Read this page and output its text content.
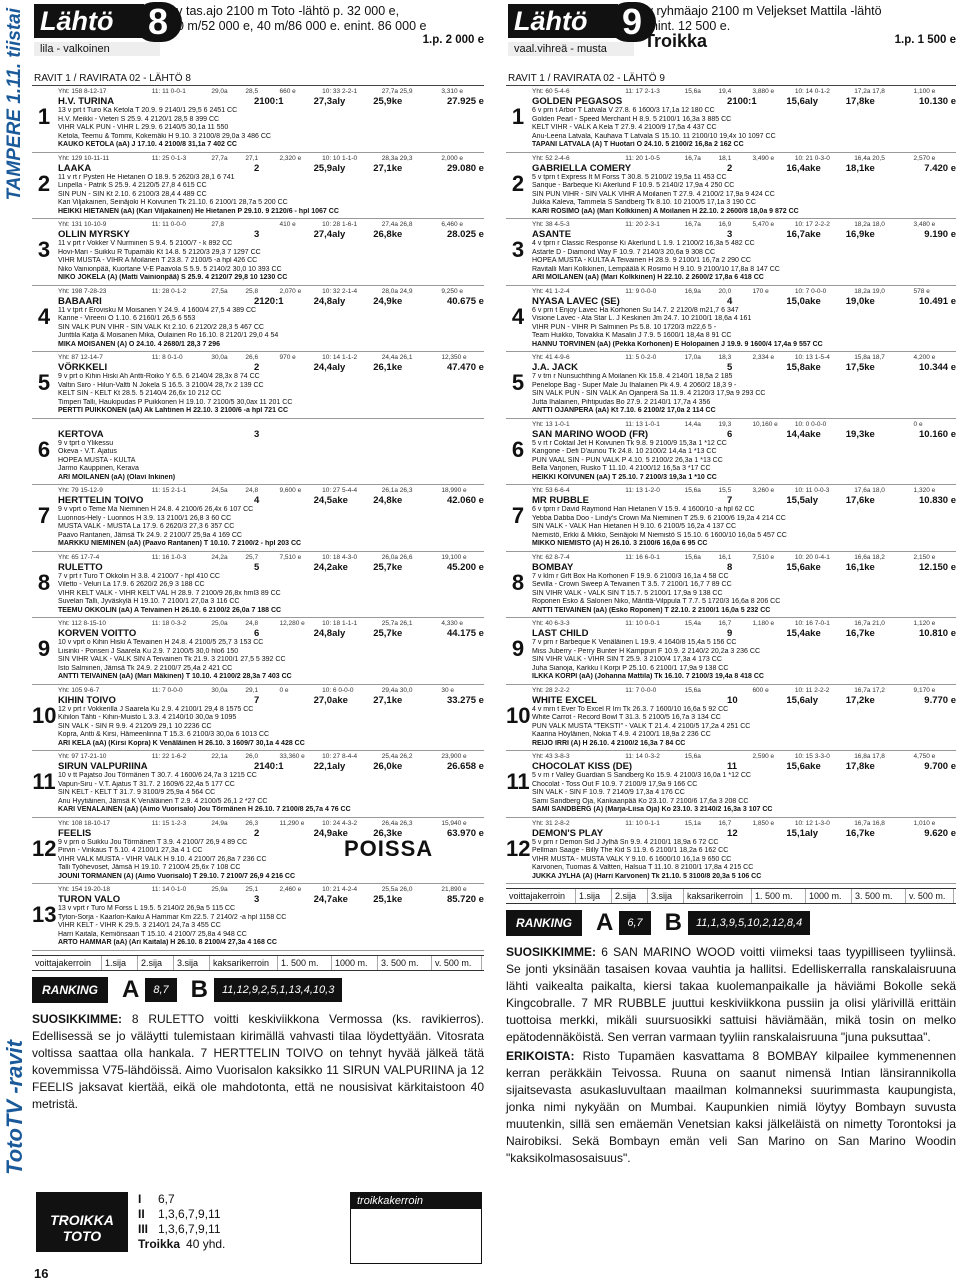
TAMPERE 1.11. tiistai
TotoTV -ravit
16
Lähtö 8
lila - valkoinen
kv tas.ajo 2100 m Toto -lähtö p. 32 000 e,
20 m/52 000 e, 40 m/86 000 e. enint. 86 000 e
1.p. 2 000 e
RAVIT 1 / RAVIRATA 02 - LÄHTÖ 8
1
Yht: 158 8-12-17	11: 11 0-0-1	29,0a	28,5	660 e	10: 33 2-2-1	27,7a 25,9	3,310 e
H.V. TURINA	2100:1	27,3aly	25,9ke	27.925 e
13 v prt t Turo Ka Ketola T 20.9. 9 2140/1 29,5 6 2451 CC
H.V. Meikki - Vieteri S 25.9. 4 2120/1 28,5 8 399 CC
VIHR VALK PUN - VIHR L 29.9. 6 2140/5 30,1a 11 550
Ketola, Teemu & Tommi, Kokemäki H 9.10. 3 2100/8 29,0a 3 486 CC
KAUKO KETOLA (aA) J 17.10. 4 2100/8 31,1a 7 402 CC
2
Yht: 129 10-11-11	11: 25 0-1-3	27,7a	27,1	2,320 e	10: 10 1-1-0	28,3a 29,3	2,000 e
LAAKA	2	25,9aly	27,1ke	29.080 e
11 v rt r Pysteri He Hietanen O 18.9. 5 2620/3 28,1 6 741
Linpella - Patrik S 25.9. 4 2120/5 27,8 4 615 CC
SIN PUN - SIN Kt 2.10. 6 2100/3 28,4 4 489 CC
Kari Viljakainen, Seinäjoki H Koivunen Tk 21.10. 6 2100/1 28,7a 5 200 CC
HEIKKI HIETANEN (aA) (Kari Viljakainen) He Hietanen P 29.10. 9 2120/6 - hpl 1067 CC
3
Yht: 131 10-10-9	11: 11 0-0-0	27,8	410 e	10: 28 1-6-1	27,4a 26,8	6,460 e
OLLIN MYRSKY	3	27,4aly	26,8ke	28.025 e
11 v prt r Vokker V Nurminen S 9.4. 5 2100/7 - k 892 CC
Hovi-Mari - Suikku R Tupamäki Kt 14.8. 5 2120/3 29,3 7 1297 CC
VIHR MUSTA - VIHR A Moilanen T 23.8. 7 2100/5 -a hpl 426 CC
Niko Vainionpää, Kuortane V-E Paavola S 5.9. 5 2140/2 30,0 10 393 CC
NIKO JOKELA (A) (Matti Vainionpää) S 25.9. 4 2120/7 29,8 10 1230 CC
4
Yht: 198 7-28-23	11: 28 0-1-2	27,5a	25,8	2,070 e	10: 32 2-1-4	28,0a 24,9	9,250 e
BABAARI	2120:1	24,8aly	24,9ke	40.675 e
11 v tprt r Erovisku M Moisanen Y 24.9. 4 1600/4 27,5 4 389 CC
Karine - Vireeni O 1.10. 6 2160/1 26,5 6 553
SIN VALK PUN VIHR - SIN VALK Kt 2.10. 6 2120/2 28,3 5 467 CC
Junttila Katja & Moisanen Mika, Oulainen Ro 16.10. 8 2120/1 29,0 4 54
MIKA MOISANEN (A) O 24.10. 4 2680/1 28,3 7 296
5
Yht: 87 12-14-7	11: 8 0-1-0	30,0a	26,6	970 e	10: 14 1-1-2	24,4a 26,1	12,350 e
VÖRKKELI	2	24,4aly	26,1ke	47.470 e
9 v prt o Kihin Hiski Ah Antti-Roiko Y 6.5. 6 2140/4 28,3x 8 74 CC
Valtin Siiro - Hilun-Valtti N Jokela S 16.5. 3 2100/4 28,7x 2 139 CC
KELT SIN - KELT Kt 28.5. 5 2140/4 26,6x 10 212 CC
Timperi Talli, Haukipudas P Puikkonen H 19.10. 7 2100/5 30,0ax 11 201 CC
PERTTI PUIKKONEN (aA) Ak Lahtinen H 22.10. 3 2100/6 -a hpl 721 CC
6
KERTOVA	3
9 v tprt o Ylikessu
Okeva - V.T. Ajatus
HOPEA MUSTA - KULTA
Jarmo Kauppinen, Kerava
ARI MOILANEN (aA) (Olavi Inkinen)
7
Yht: 79 15-12-9	11: 15 2-1-1	24,5a	24,8	9,600 e	10: 27 5-4-4	26,1a 26,3	18,990 e
HERTTELIN TOIVO	4	24,5ake	24,8ke	42.060 e
9 v vprt o Teme Ma Nieminen H 24.8. 4 2100/6 26,4x 6 107 CC
Luonnos-Hely - Luonnos H 3.9. 13 2100/1 26,8 3 60 CC
MUSTA VALK - MUSTA La 17.9. 6 2620/3 27,3 6 357 CC
Paavo Rantanen, Jämsä Tk 24.9. 2 2100/7 25,9a 4 169 CC
MARKKU NIEMINEN (aA) (Paavo Rantanen) T 10.10. 7 2100/2 - hpl 203 CC
8
Yht: 65 17-7-4	11: 16 1-0-3	24,2a	25,7	7,510 e	10: 18 4-3-0	26,0a 26,6	19,100 e
RULETTO	5	24,2ake	25,7ke	45.200 e
7 v prt r Turo T Okkolin H 3.8. 4 2100/7 - hpl 410 CC
Viletto - Veluri La 17.9. 6 2620/2 26,9 3 188 CC
VIHR KELT VALK - VIHR KELT VAL H 28.9. 7 2100/9 26,8x hml3 89 CC
Suvelan Talli, Jyväskylä H 19.10. 7 2100/1 27,0a 3 116 CC
TEEMU OKKOLIN (aA) A Teivainen H 26.10. 6 2100/2 26,0a 7 188 CC
9
Yht: 112 8-15-10	11: 18 0-3-2	25,0a	24,8	12,280 e	10: 18 1-1-1	25,7a 26,1	4,330 e
KORVEN VOITTO	6	24,8aly	25,7ke	44.175 e
10 v vprt o Kihin Hiski A Teivainen H 24.8. 4 2100/5 25,7 3 153 CC
Liisinki - Ponseri J Saarela Ku 2.9. 7 2100/5 30,0 hlo6 150
SIN VIHR VALK - VALK SIN A Teivainen Tk 21.9. 3 2100/1 27,5 5 392 CC
Isto Salminen, Jämsä Tk 24.9. 2 2100/7 25,4a 2 421 CC
ANTTI TEIVAINEN (aA) (Mari Mäkinen) T 10.10. 4 2100/2 28,3a 7 403 CC
10
Yht: 105 9-6-7	11: 7 0-0-0	30,0a	29,1	0 e	10: 6 0-0-0	29,4a 30,0	30 e
KIHIN TOIVO	7	27,0ake	27,1ke	33.275 e
12 v prt r Vokkerilla J Saarela Ku 2.9. 4 2100/1 29,4 8 1575 CC
Kihilon Tähti - Kihin-Muisto L 3.3. 4 2140/10 30,0a 9 1095
SIN VALK - SIN R 9.9. 4 2120/9 29,1 10 2236 CC
Kopra, Antti & Kirsi, Hämeenlinna T 15.3. 6 2100/3 30,0a 6 1013 CC
ARI KELA (aA) (Kirsi Kopra) K Venäläinen H 26.10. 3 1609/7 30,1a 4 428 CC
11
Yht: 97 17-21-10	11: 22 1-6-2	22,1a	26,0	33,360 e	10: 27 8-4-4	25,4a 26,2	23,900 e
SIRUN VALPURIINA	2140:1	22,1aly	26,0ke	26.658 e
10 v tt Pajatso Jou Törmänen T 30.7. 4 1600/6 24,7a 3 1215 CC
Vapun-Siru - V.T. Ajatus T 31.7. 2 1609/6 22,4a 5 177 CC
SIN KELT - KELT T 31.7. 9 3100/9 25,9a 4 564 CC
Anu Hyytiäinen, Jämsä K Venäläinen T 2.9. 4 2100/5 26,1 2 *27 CC
KARI VENÄLÄINEN (aA) (Aimo Vuorisalo) Jou Törmänen H 26.10. 7 2100/8 25,7a 4 76 CC
12
Yht: 108 18-10-17	11: 15 1-2-3	24,9a	26,3	11,290 e	10: 24 4-3-2	26,4a 26,3	15,940 e
FEELIS	2	24,9ake	26,3ke	63.970 e
9 v prn o Suikku Jou Törmänen T 3.9. 4 2100/7 26,9 4 89 CC
Pirvin - Vinkaus T 5.10. 4 2100/1 27,3a 4 1 CC
VIHR VALK MUSTA - VIHR VALK H 9.10. 4 2100/7 26,8a 7 236 CC
Talli Työhevoset, Jämsä H 19.10. 7 2100/4 25,6x 7 108 CC
JOUNI TÖRMÄNEN (A) (Aimo Vuorisalo) T 29.10. 7 2100/7 26,9 4 216 CC
13
Yht: 154 19-20-18	11: 14 0-1-0	25,9a	25,1	2,460 e	10: 21 4-2-4	25,5a 26,0	21,890 e
TURON VALO	3	24,7ake	25,1ke	85.720 e
13 v vprt r Turo M Forss L 19.5. 5 2140/2 26,9a 5 115 CC
Tyton-Sorja - Kaarlon-Kaiku A Hammar Km 22.5. 7 2140/2 -a hpl 1158 CC
VIHR KELT - VIHR K 29.5. 3 2140/1 24,7a 3 455 CC
Harri Kaitala, Kemiönsaari T 15.10. 4 2100/7 25,8a 4 948 CC
ARTO HAMMAR (aA) (Ari Kaitala) H 26.10. 8 2100/4 27,3a 4 168 CC
POISSA
voittajakerroin	1.sija	2.sija	3.sija	kaksarikerroin	1. 500 m.	1000 m.	3. 500 m.	v. 500 m.
RANKING	A	8,7 B	11,12,9,2,5,1,13,4,10,3

SUOSIKKIMME: 8 RULETTO voitti keskiviikkona Vermossa (ks. ravikierros). Edellisessä se jo väläytti tulemistaan kirimällä vahvasti tilaa löydettyään. Vitosrata voltissa saattaa olla hankala. 7 HERTTELIN TOIVO on tehnyt hyvää jälkeä tätä kovemmissa V75-lähdöissä. Aimo Vuorisalon kaksikko 11 SIRUN VALPURIINA ja 12 FEELIS jaksavat kiertää, eikä ole mahdotonta, että ne nousisivat kärkitaistoon 40 metristä.

TROIKKA TOTO
I	6,7
II	1,3,6,7,9,11
III 1,3,6,7,9,11
Troikka 40 yhd.
troikkakerroin
Lähtö 9
vaal.vihreä - musta
lv ryhmäajo 2100 m Veljekset Mattila -lähtö
enint. 12 500 e.
Troikka	1.p. 1 500 e
RAVIT 1 / RAVIRATA 02 - LÄHTÖ 9
1
Yht: 60 5-4-6	11: 17 2-1-3	15,6a	19,4	3,880 e	10: 14 0-1-2	17,2a 17,8	1,100 e
GOLDEN PEGASOS	2100:1	15,6aly	17,8ke	10.130 e
6 v prn t Arbor T Latvala V 27.8. 6 1600/3 17,1a 12 180 CC
Golden Pearl - Speed Merchant H 8.9. 5 2100/1 16,3a 3 885 CC
KELT VIHR - VALK A Kela T 27.9. 4 2100/9 17,5a 4 437 CC
Anu-Leena Latvala, Kauhava T Latvala S 15.10. 11 2100/10 19,4x 10 1097 CC
TAPANI LATVALA (A) T Huotari O 24.10. 5 2100/2 16,8a 2 162 CC
2
Yht: 52 2-4-6	11: 20 1-0-5	16,7a	18,1	3,490 e	10: 21 0-3-0	16,4a 20,5	2,570 e
GABRIELLA COMERY	2	16,4ake	18,1ke	7.420 e
5 v tprn t Express It M Forss T 30.8. 5 2100/2 19,5a 11 453 CC
Sarique - Barbeque Ki Åkerlund F 10.9. 5 2140/2 17,9a 4 250 CC
SIN PUN VIHR - SIN VALK VIHR A Moilanen T 27.9. 4 2100/2 17,9a 9 424 CC
Jukka Kaleva, Tammela S Sandberg Tk 8.10. 10 2100/5 17,1a 3 190 CC
KARI ROSIMO (aA) (Mari Kolkkinen) A Moilanen H 22.10. 2 2600/8 18,0a 9 872 CC
3
Yht: 38 4-5-3	11: 20 2-3-1	16,7a	16,9	5,470 e	10: 17 2-2-2	18,2a 18,0	3,480 e
ASANTE	3	16,7ake	16,9ke	9.190 e
4 v tprn r Classic Response Ki Åkerlund L 1.9. 1 2100/2 16,3a 5 482 CC
Astarte D - Diamond Way F 10.9. 7 2140/3 20,6a 9 308 CC
HOPEA MUSTA - KULTA A Teivainen H 28.9. 9 2100/1 16,7a 2 290 CC
Ravitalli Mari Kolkkinen, Lempäälä K Rosimo H 9.10. 9 2100/10 17,8a 8 147 CC
ARI MOILANEN (aA) (Mari Kolkkinen) H 22.10. 2 2600/2 17,8a 6 418 CC
4
Yht: 41 1-2-4	11: 9 0-0-0	16,9a	20,0	170 e	10: 7 0-0-0	18,2a 19,0	578 e
NYASA LAVEC (SE)	4	15,0ake	19,0ke	10.491 e
6 v prn t Enjoy Lavec Ha Korhonen Su 14.7. 2 2120/8 m21,7 6 347
Visione Lavec - Ata Star L. J Keskinen Jm 24.7. 10 2100/1 18,6a 4 161
VIHR PUN - VIHR Pi Salminen Ps 5.8. 10 1720/3 m22,6 5 -
Team Huikko, Toivakka K Masalin J 7.9. 5 1600/1 18,4a 8 91 CC
HANNU TORVINEN (aA) (Pekka Korhonen) E Holopainen J 19.9. 9 1600/4 17,4a 9 557 CC
5
Yht: 41 4-9-6	11: 5 0-2-0	17,0a	18,3	2,334 e	10: 13 1-5-4	15,8a 18,7	4,200 e
J.A. JACK	5	15,8ake	17,5ke	10.344 e
7 v trn r Nunsuchthing A Moilanen Kk 15.8. 4 2140/1 18,5a 2 185
Penelope Bag - Super Male Ju Ihalainen Pk 4.9. 4 2060/2 18,3 9 -
SIN VALK PUN - SIN VALK An Ojanperä Sa 11.9. 4 2120/3 17,9a 9 293 CC
Jutta Ihalainen, Pihtipudas Bo 27.9. 2 2140/1 17,7a 4 356
ANTTI OJANPERÄ (aA) Kt 7.10. 6 2100/2 17,0a 2 114 CC
6
Yht: 13 1-0-1	11: 13 1-0-1	14,4a	19,3	10,160 e	10: 0 0-0-0	0 e
SAN MARINO WOOD (FR)	6	14,4ake	19,3ke	10.160 e
5 v rt r Coktail Jet H Koivunen Tk 9.8. 9 2100/9 15,3a 1 *12 CC
Kangone - Defi D'aunou Tk 24.8. 10 2100/2 14,4a 1 *13 CC
PUN VAAL SIN - PUN VALK P 4.10. 5 2100/2 26,3a 1 *13 CC
Bella Varjonen, Rusko T 11.10. 4 2100/12 16,5a 3 *17 CC
HEIKKI KOIVUNEN (aA) T 25.10. 7 2100/3 19,3a 1 *10 CC
7
Yht: 53 6-6-4	11: 13 1-2-0	15,6a	15,5	3,260 e	10: 11 0-0-3	17,6a 18,0	1,320 e
MR RUBBLE	7	15,5aly	17,6ke	10.830 e
6 v tprn r David Raymond Han Hietanen V 15.9. 4 1600/10 -a hpl 62 CC
Yebba Dabba Doo - Lindy's Crown Ma Nieminen T 25.9. 6 2100/6 19,2a 4 214 CC
SIN VALK - VALK Han Hietanen H 9.10. 6 2100/5 16,2a 4 137 CC
Niemistö, Erkki & Mikko, Seinäjoki M Niemistö S 15.10. 6 1600/10 16,0a 5 457 CC
MIKKO NIEMISTÖ (A) H 26.10. 3 2100/6 16,0a 6 95 CC
8
Yht: 62 8-7-4	11: 16 6-0-1	15,6a	16,1	7,510 e	10: 20 0-4-1	16,6a 18,2	2,150 e
BOMBAY	8	15,6ake	16,1ke	12.150 e
7 v klm r Gift Box Ha Korhonen F 19.9. 6 2100/3 16,1a 4 58 CC
Sevilla - Crown Sweep A Teivainen T 3.5. 7 2100/1 16,7 7 89 CC
SIN VIHR VALK - VALK SIN T 15.7. 5 2100/1 17,9a 9 138 CC
Roponen Esko & Salonen Niko, Mänttä-Vilppula T 7.7. 5 1720/3 16,6a 8 206 CC
ANTTI TEIVAINEN (aA) (Esko Roponen) T 22.10. 2 2100/1 16,0a 5 232 CC
9
Yht: 40 6-3-3	11: 10 0-0-1	15,4a	16,7	1,180 e	10: 16 7-0-1	16,7a 21,0	1,120 e
LAST CHILD	9	15,4ake	16,7ke	10.810 e
7 v prn r Barbeque K Venäläinen L 19.9. 4 1640/8 15,4a 5 156 CC
Miss Juberry - Perry Bunter H Kamppuri F 10.9. 2 2140/2 20,2a 3 236 CC
SIN VIHR VALK - VIHR SIN T 25.9. 3 2100/4 17,3a 4 173 CC
Juha Sianoja, Karkku I Korpi P 25.10. 6 2100/1 17,9a 9 138 CC
ILKKA KORPI (aA) (Johanna Mattila) Tk 16.10. 7 2100/3 19,4a 8 418 CC
10
Yht: 28 2-2-2	11: 7 0-0-0	15,6a	600 e	10: 11 2-2-2	16,7a 17,2	9,170 e
WHITE EXCEL	10	15,6aly	17,2ke	9.770 e
4 v mrn t Ever To Excel R Irri Tk 26.3. 7 1600/10 16,6a 5 92 CC
White Carrot - Record Bowl T 31.3. 5 2100/5 16,7a 3 134 CC
PUN VALK MUSTA "TEKSTI" - VALK T 21.4. 4 2100/5 17,2a 4 251 CC
Kaarina Höyläinen, Nokia T 4.9. 4 2100/1 18,9a 2 236 CC
REIJO IRRI (A) H 26.10. 4 2100/2 16,3a 7 84 CC
11
Yht: 43 3-8-3	11: 14 0-3-2	15,6a	2,590 e	10: 15 3-3-0	16,8a 17,8	4,750 e
CHOCOLAT KISS (DE)	11	15,6ake	17,8ke	9.700 e
5 v rn r Valley Guardian S Sandberg Ko 15.9. 4 2100/3 16,0a 1 *12 CC
Chocolat - Toss Out F 10.9. 7 2100/9 17,9a 9 166 CC
SIN VALK - SIN F 10.9. 7 2140/9 17,3a 4 176 CC
Sami Sandberg Oja, Kankaanpää Ko 23.10. 7 2100/6 17,6a 3 208 CC
SAMI SANDBERG (A) (Marja-Liisa Oja) Ko 23.10. 3 2140/2 16,3a 3 107 CC
12
Yht: 31 2-8-2	11: 10 0-1-1	15,1a	16,7	1,850 e	10: 12 1-3-0	16,7a 16,8	1,010 e
DEMON'S PLAY	12	15,1aly	16,7ke	9.620 e
5 v prn r Demon Sid J Jylhä Sn 9.9. 4 2100/1 18,9a 6 72 CC
Pellman Saage - Billy The Kid S 11.9. 6 2100/1 18,2a 6 162 CC
VIHR MUSTA - MUSTA VALK Y 9.10. 6 1600/10 16,1a 9 650 CC
Karvonen, Tuomas & Valtteri, Halsua T 11.10. 8 2100/1 17,8a 4 215 CC
JUKKA JYLHÄ (A) (Harri Karvonen) Tk 21.10. 5 3100/8 20,3a 5 106 CC
voittajakerroin	1.sija	2.sija	3.sija	kaksarikerroin	1. 500 m.	1000 m.	3. 500 m.	v. 500 m.
RANKING	A	6,7 B	11,1,3,9,5,10,2,12,8,4

SUOSIKKIMME: 6 SAN MARINO WOOD voitti viimeksi taas tyypilliseen tyyliinsä. Se jonti yksinään tasaisen kovaa vauhtia ja hallitsi. Edelliskerralla ranskalaisruuna lähti vaikealta paikalta, kiersi takaa kuolemanpaikalle ja häviämi Bokolle sekä Kingcobralle. 7 MR RUBBLE juuttui keskiviikkona pussiin ja olisi ylärivillä erittäin tuottoisa merkki, mikäli suursuosikki sattuisi häviämään, mikä tosin on melko epätodennäköistä. Sen verran varmaan tyyliin ranskalaisruuna "juna puksuttaa".

ERIKOISTA: Risto Tupamäen kasvattama 8 BOMBAY kilpailee kymmenennen kerran peräkkäin Teivossa. Ruuna on saanut nimensä Intian länsirannikolla sijaitsevasta asukasluvultaan maailman kolmanneksi suurimmasta kaupungista, jonka nimi nykyään on Mumbai. Kaupunkien nimiä löytyy Bombayn suvusta muutenkin, sillä sen emäemän Venetsian kaksi jälkeläistä on nimetty Torontoksi ja Nairobiksi. Sekä Bombayn emän veli San Marino on San Marino Woodin "kaksikolmasosaisuus".
